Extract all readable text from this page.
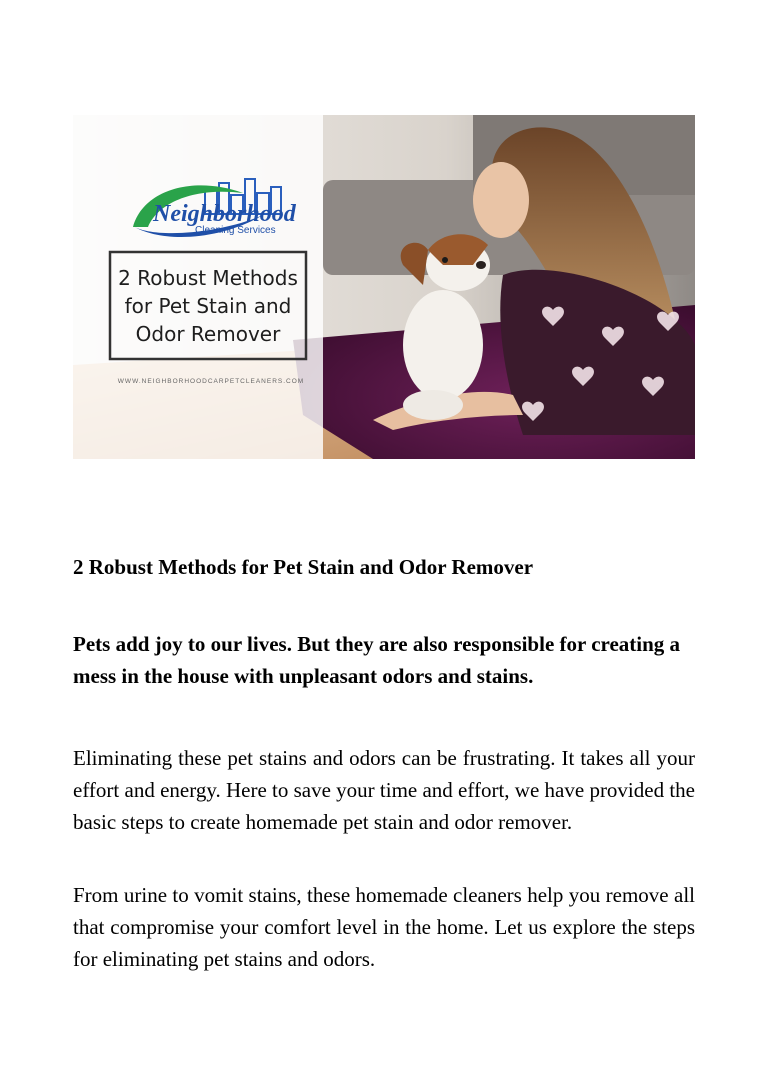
Neighborhood
Cleaning Services
2 Robust Methods
for Pet Stain and
Odor Remover
WWW.NEIGHBORHOODCARPETCLEANERS.COM
2 Robust Methods for Pet Stain and Odor Remover

Pets add joy to our lives. But they are also responsible for creating a mess in the house with unpleasant odors and stains.

Eliminating these pet stains and odors can be frustrating. It takes all your effort and energy. Here to save your time and effort, we have provided the basic steps to create homemade pet stain and odor remover.

From urine to vomit stains, these homemade cleaners help you remove all that compromise your comfort level in the home. Let us explore the steps for eliminating pet stains and odors.
